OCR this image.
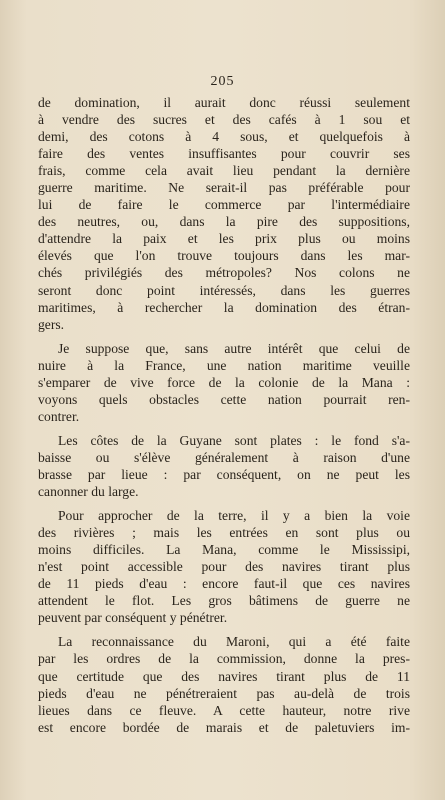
205
de domination, il aurait donc réussi seulement
à vendre des sucres et des cafés à 1 sou et
demi, des cotons à 4 sous, et quelquefois à
faire des ventes insuffisantes pour couvrir ses
frais, comme cela avait lieu pendant la dernière
guerre maritime. Ne serait-il pas préférable pour
lui de faire le commerce par l'intermédiaire
des neutres, ou, dans la pire des suppositions,
d'attendre la paix et les prix plus ou moins
élevés que l'on trouve toujours dans les mar-
chés privilégiés des métropoles? Nos colons ne
seront donc point intéressés, dans les guerres
maritimes, à rechercher la domination des étran-
gers.
Je suppose que, sans autre intérêt que celui de
nuire à la France, une nation maritime veuille
s'emparer de vive force de la colonie de la Mana :
voyons quels obstacles cette nation pourrait ren-
contrer.
Les côtes de la Guyane sont plates : le fond s'a-
baisse ou s'élève généralement à raison d'une
brasse par lieue : par conséquent, on ne peut les
canonner du large.
Pour approcher de la terre, il y a bien la voie
des rivières ; mais les entrées en sont plus ou
moins difficiles. La Mana, comme le Mississipi,
n'est point accessible pour des navires tirant plus
de 11 pieds d'eau : encore faut-il que ces navires
attendent le flot. Les gros bâtimens de guerre ne
peuvent par conséquent y pénétrer.
La reconnaissance du Maroni, qui a été faite
par les ordres de la commission, donne la pres-
que certitude que des navires tirant plus de 11
pieds d'eau ne pénétreraient pas au-delà de trois
lieues dans ce fleuve. A cette hauteur, notre rive
est encore bordée de marais et de paletuviers im-
